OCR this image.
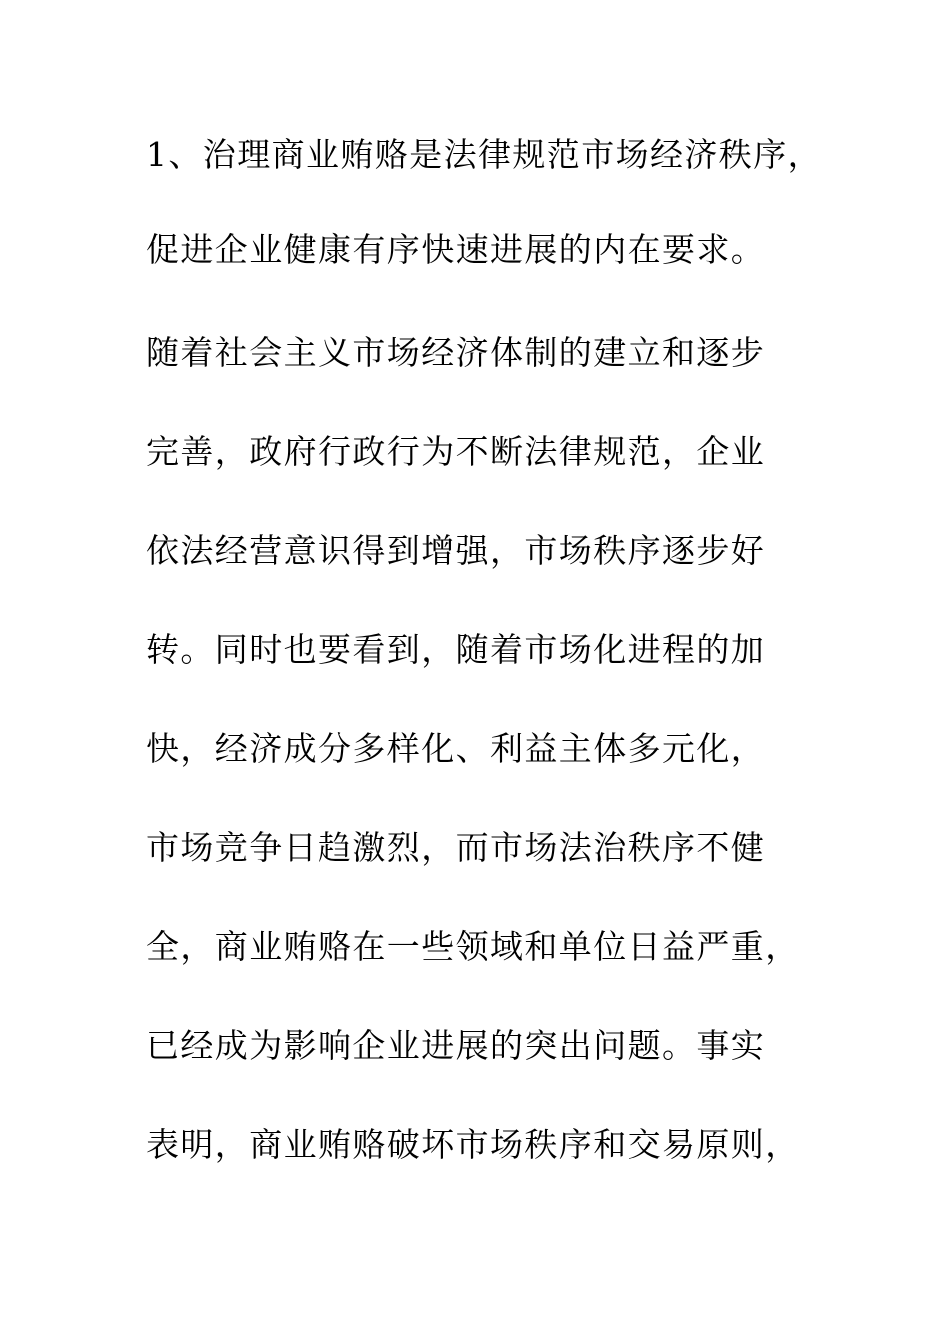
1、治理商业贿赂是法律规范市场经济秩序，
促进企业健康有序快速进展的内在要求。
随着社会主义市场经济体制的建立和逐步
完善，政府行政行为不断法律规范，企业
依法经营意识得到增强，市场秩序逐步好
转。同时也要看到，随着市场化进程的加
快，经济成分多样化、利益主体多元化，
市场竞争日趋激烈，而市场法治秩序不健
全，商业贿赂在一些领域和单位日益严重，
已经成为影响企业进展的突出问题。事实
表明，商业贿赂破坏市场秩序和交易原则，
